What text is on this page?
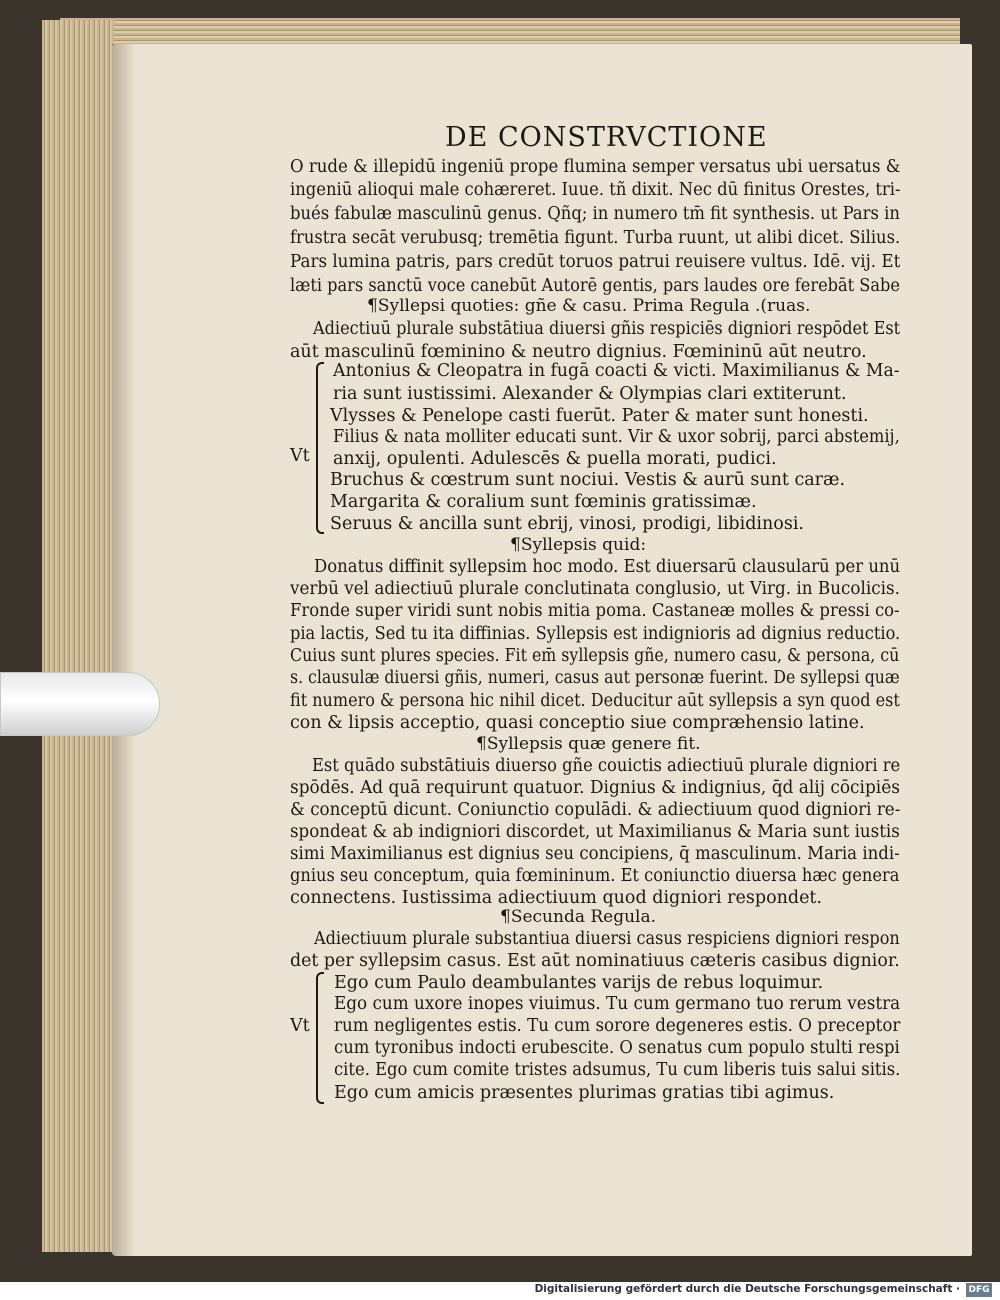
DE CONSTRVCTIONE
O rude & illepidū ingeniū prope flumina semper versatus ubi uersatus &
ingeniū alioqui male cohæreret. Iuue. tñ dixit. Nec dū finitus Orestes, tri-
bués fabulæ masculinū genus. Qñq; in numero tm̄ fit synthesis. ut Pars in
frustra secāt verubusq; tremētia figunt. Turba ruunt, ut alibi dicet. Silius.
Pars lumina patris, pars credūt toruos patrui reuisere vultus. Idē. vij. Et
læti pars sanctū voce canebūt Autorē gentis, pars laudes ore ferebāt Sabe
¶Syllepsi quoties: gñe & casu. Prima Regula .(ruas.
Adiectiuū plurale substātiua diuersi gñis respiciēs digniori respōdet Est
aūt masculinū fœminino & neutro dignius. Fœmininū aūt neutro.
Vt
Antonius & Cleopatra in fugā coacti & victi. Maximilianus & Ma-
ria sunt iustissimi. Alexander & Olympias clari extiterunt.
Vlysses & Penelope casti fuerūt. Pater & mater sunt honesti.
Filius & nata molliter educati sunt. Vir & uxor sobrij, parci abstemij,
anxij, opulenti. Adulescēs & puella morati, pudici.
Bruchus & cœstrum sunt nociui. Vestis & aurū sunt caræ.
Margarita & coralium sunt fœminis gratissimæ.
Seruus & ancilla sunt ebrij, vinosi, prodigi, libidinosi.
¶Syllepsis quid:
Donatus diffinit syllepsim hoc modo. Est diuersarū clausularū per unū
verbū vel adiectiuū plurale conclutinata conglusio, ut Virg. in Bucolicis.
Fronde super viridi sunt nobis mitia poma. Castaneæ molles & pressi co-
pia lactis, Sed tu ita diffinias. Syllepsis est indignioris ad dignius reductio.
Cuius sunt plures species. Fit em̄ syllepsis gñe, numero casu, & persona, cū
s. clausulæ diuersi gñis, numeri, casus aut personæ fuerint. De syllepsi quæ
fit numero & persona hic nihil dicet. Deducitur aūt syllepsis a syn quod est
con & lipsis acceptio, quasi conceptio siue compræhensio latine.
¶Syllepsis quæ genere fit.
Est quādo substātiuis diuerso gñe couictis adiectiuū plurale digniori re
spōdēs. Ad quā requirunt quatuor. Dignius & indignius, q̄d alij cōcipiēs
& conceptū dicunt. Coniunctio copulādi. & adiectiuum quod digniori re-
spondeat & ab indigniori discordet, ut Maximilianus & Maria sunt iustis
simi Maximilianus est dignius seu concipiens, q̄ masculinum. Maria indi-
gnius seu conceptum, quia fœmininum. Et coniunctio diuersa hæc genera
connectens. Iustissima adiectiuum quod digniori respondet.
¶Secunda Regula.
Adiectiuum plurale substantiua diuersi casus respiciens digniori respon
det per syllepsim casus. Est aūt nominatiuus cæteris casibus dignior.
Vt
Ego cum Paulo deambulantes varijs de rebus loquimur.
Ego cum uxore inopes viuimus. Tu cum germano tuo rerum vestra
rum negligentes estis. Tu cum sorore degeneres estis. O preceptor
cum tyronibus indocti erubescite. O senatus cum populo stulti respi
cite. Ego cum comite tristes adsumus, Tu cum liberis tuis salui sitis.
Ego cum amicis præsentes plurimas gratias tibi agimus.
Digitalisierung gefördert durch die Deutsche Forschungsgemeinschaft · DFG
